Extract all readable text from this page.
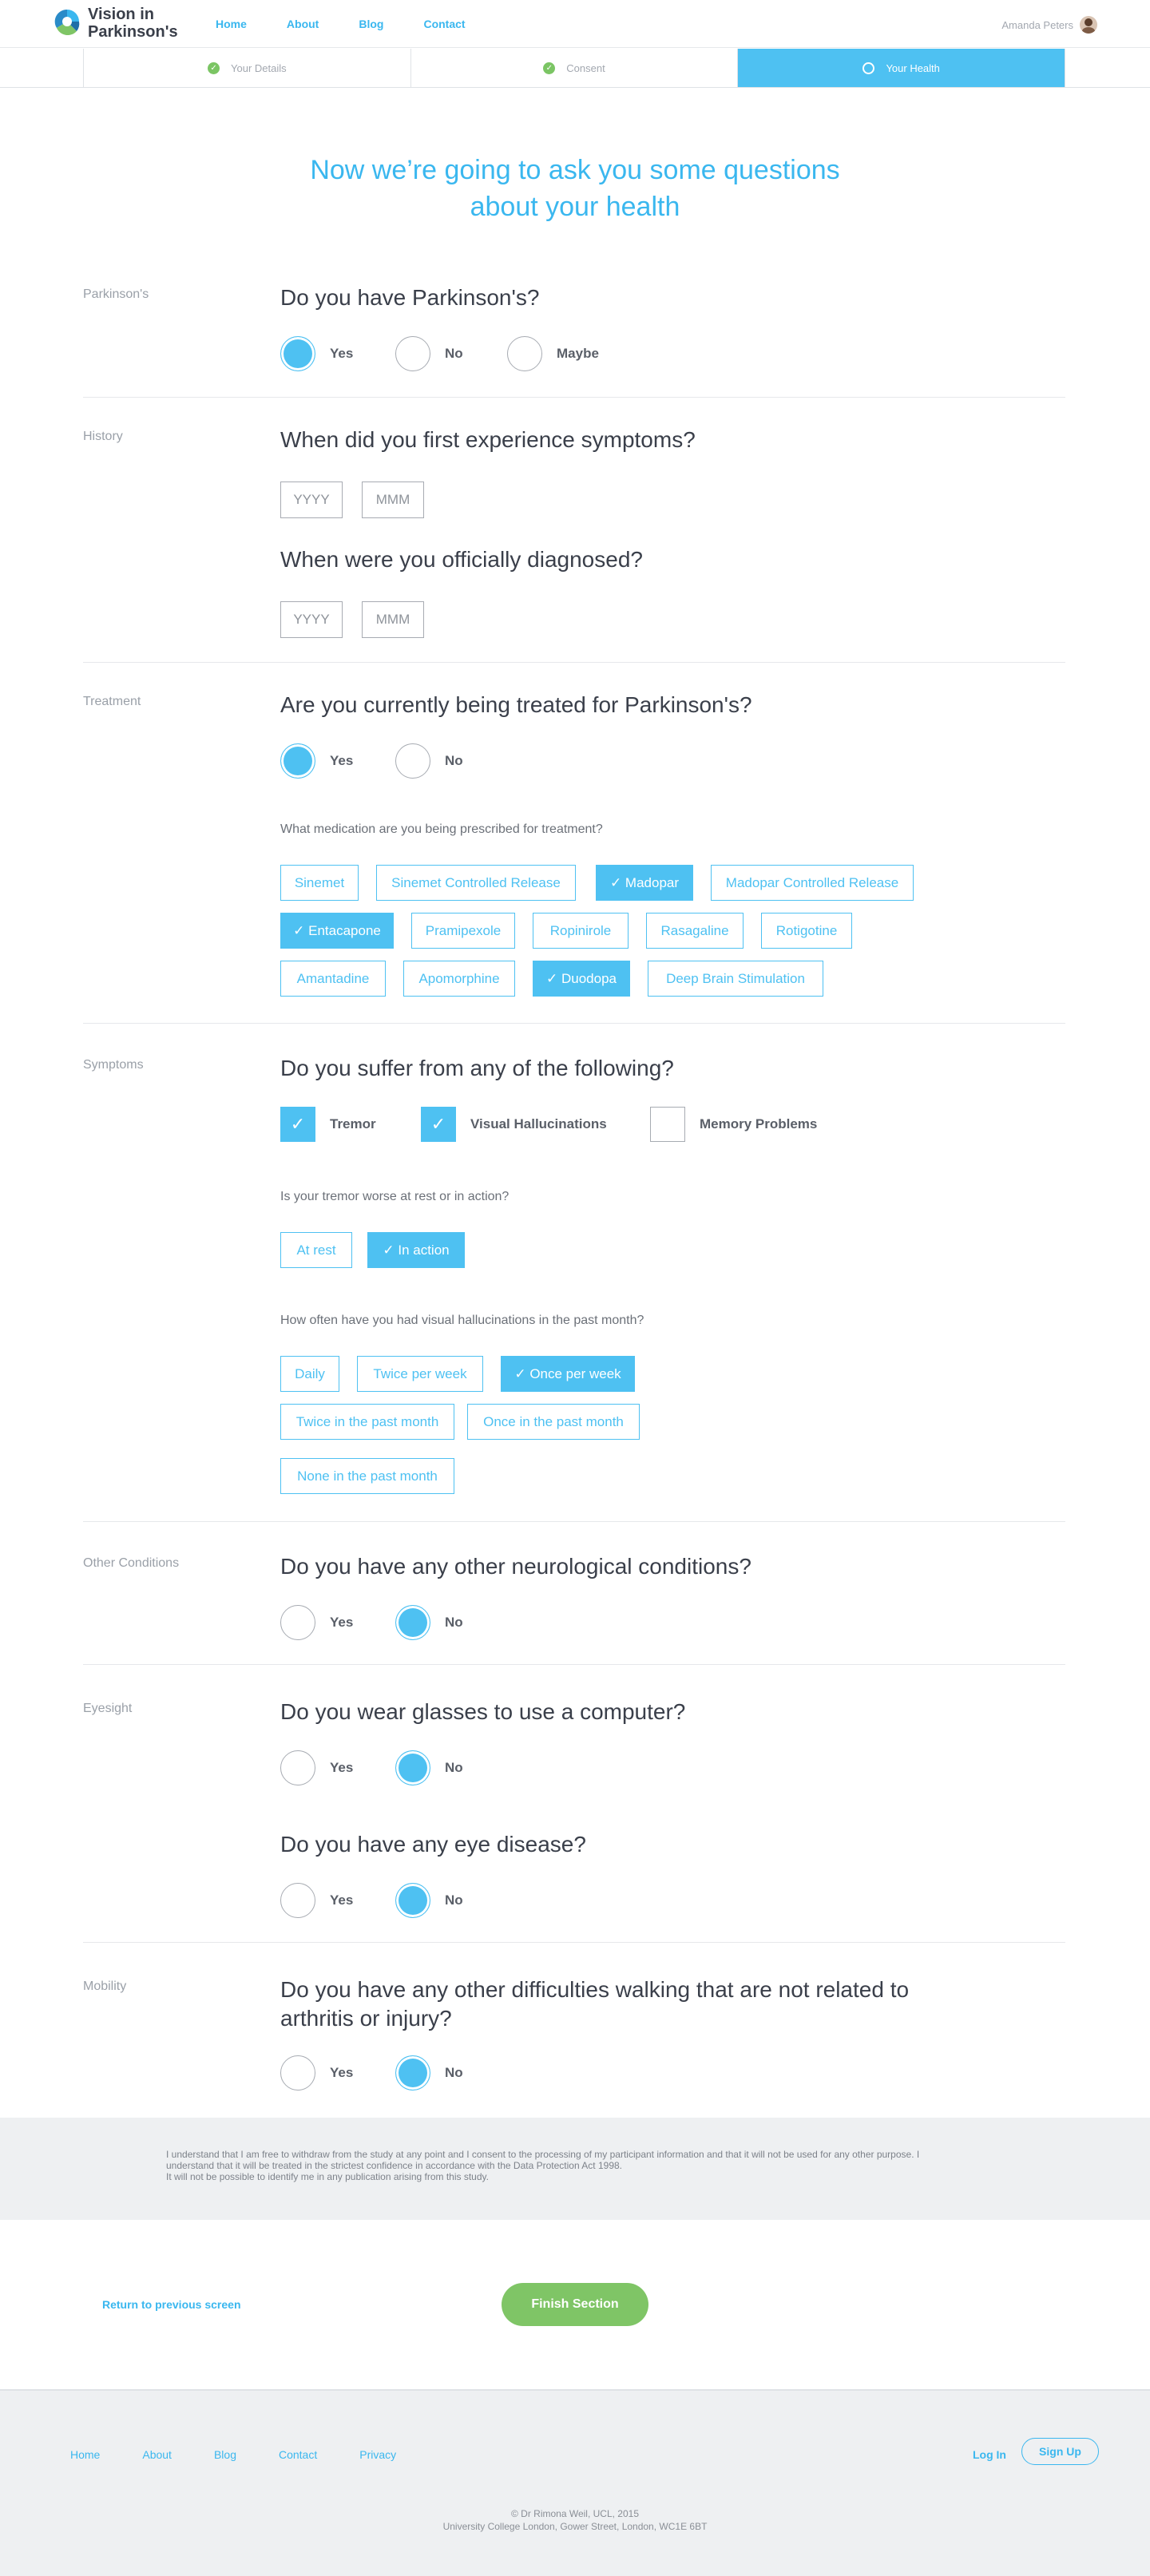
Vision in Parkinson's	Home	About	Blog	Contact	Amanda Peters
✓ Your Details	✓ Consent	Your Health
Now we’re going to ask you some questions
about your health
Parkinson's	Do you have Parkinson's?
Yes	No	Maybe
History	When did you first experience symptoms?
YYYY	MMM
When were you officially diagnosed?
YYYY	MMM
Treatment	Are you currently being treated for Parkinson's?
Yes	No
What medication are you being prescribed for treatment?
Sinemet	Sinemet Controlled Release	✓ Madopar	Madopar Controlled Release
✓ Entacapone	Pramipexole	Ropinirole	Rasagaline	Rotigotine
Amantadine	Apomorphine	✓ Duodopa	Deep Brain Stimulation
Symptoms	Do you suffer from any of the following?
✓ Tremor	✓ Visual Hallucinations	Memory Problems
Is your tremor worse at rest or in action?
At rest	✓ In action
How often have you had visual hallucinations in the past month?
Daily	Twice per week	✓ Once per week
Twice in the past month	Once in the past month
None in the past month
Other Conditions	Do you have any other neurological conditions?
Yes	No
Eyesight	Do you wear glasses to use a computer?
Yes	No
Do you have any eye disease?
Yes	No
Mobility	Do you have any other difficulties walking that are not related to
arthritis or injury?
Yes	No

I understand that I am free to withdraw from the study at any point and I consent to the processing of my participant information and that it will not be used for any other purpose. I
understand that it will be treated in the strictest confidence in accordance with the Data Protection Act 1998.
It will not be possible to identify me in any publication arising from this study.

Return to previous screen	Finish Section
Home	About	Blog	Contact	Privacy	Log In	Sign Up
© Dr Rimona Weil, UCL, 2015
University College London, Gower Street, London, WC1E 6BT
